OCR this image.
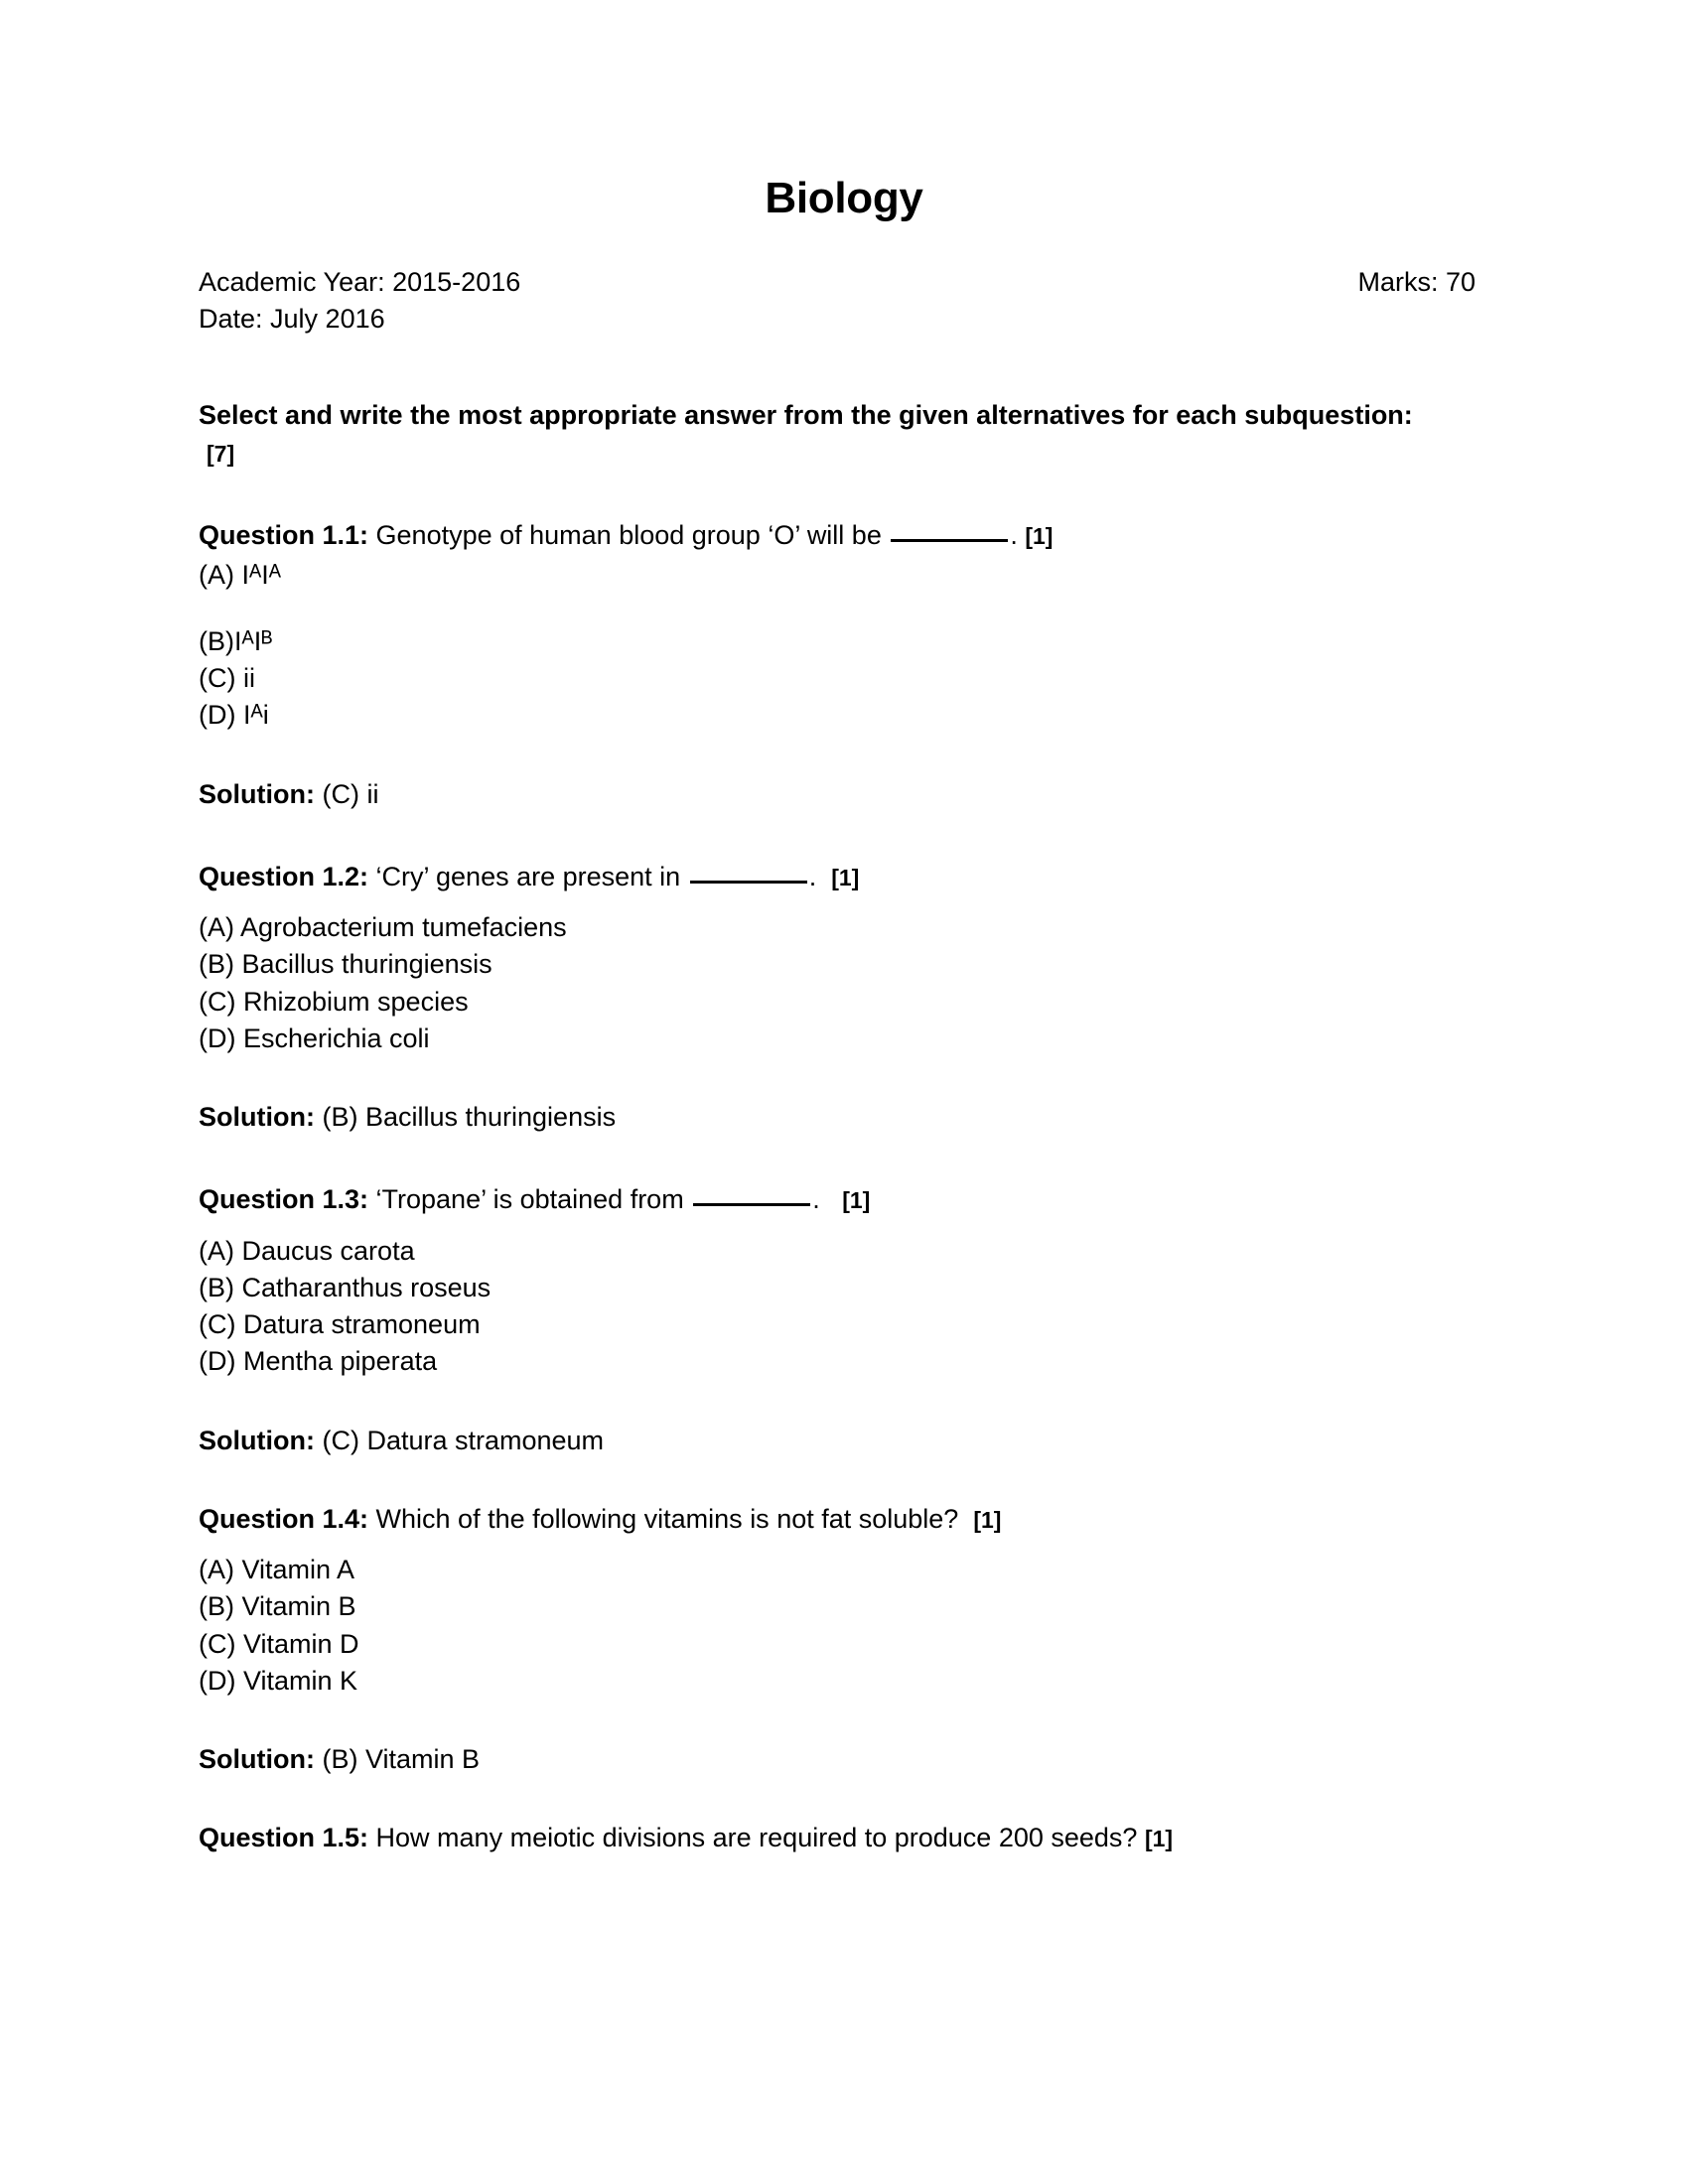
Biology
Academic Year: 2015-2016	Marks: 70
Date: July 2016
Select and write the most appropriate answer from the given alternatives for each subquestion:[7]
Question 1.1: Genotype of human blood group ‘O’ will be	. [1]
(A) IᴬIᴬ
(B)IᴬIᴮ
(C) ii
(D) Iᴬi
Solution: (C) ii
Question 1.2: ‘Cry’ genes are present in	.  [1]
(A) Agrobacterium tumefaciens
(B) Bacillus thuringiensis
(C) Rhizobium species
(D) Escherichia coli
Solution: (B) Bacillus thuringiensis
Question 1.3: ‘Tropane’ is obtained from	.   [1]
(A) Daucus carota
(B) Catharanthus roseus
(C) Datura stramoneum
(D) Mentha piperata
Solution: (C) Datura stramoneum
Question 1.4: Which of the following vitamins is not fat soluble?  [1]
(A) Vitamin A
(B) Vitamin B
(C) Vitamin D
(D) Vitamin K
Solution: (B) Vitamin B
Question 1.5: How many meiotic divisions are required to produce 200 seeds? [1]
